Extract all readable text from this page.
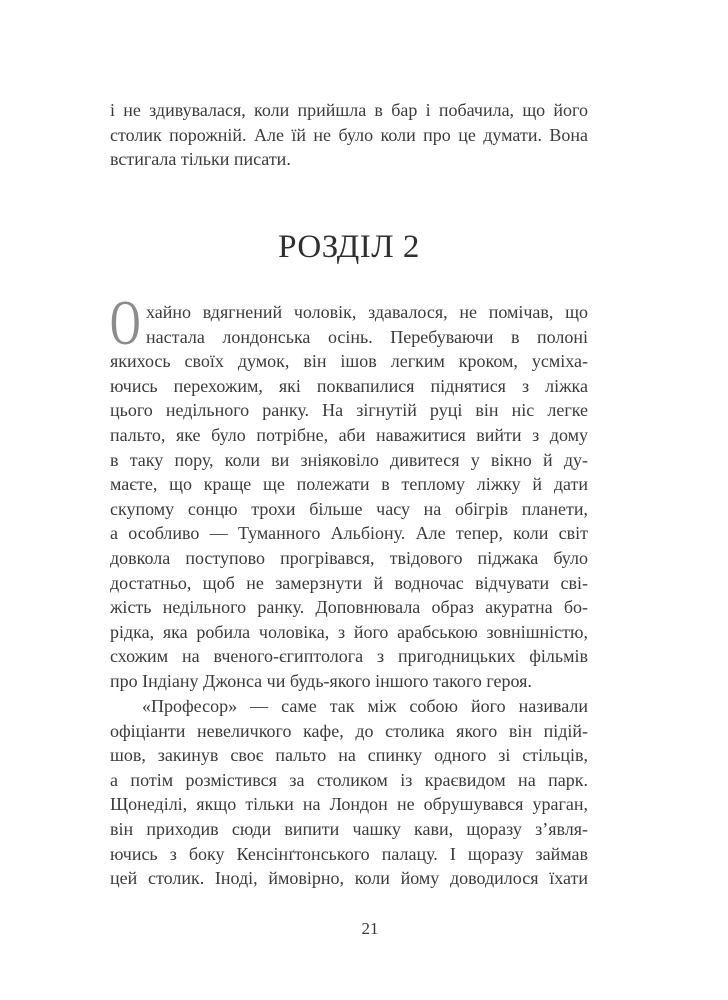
і не здивувалася, коли прийшла в бар і побачила, що його
столик порожній. Але їй не було коли про це думати. Вона
встигала тільки писати.
РОЗДІЛ 2
О хайно вдягнений чоловік, здавалося, не помічав, що
настала лондонська осінь. Перебуваючи в полоні
якихось своїх думок, він ішов легким кроком, усміха-
ючись перехожим, які поквапилися піднятися з ліжка
цього недільного ранку. На зігнутій руці він ніс легке
пальто, яке було потрібне, аби наважитися вийти з дому
в таку пору, коли ви зніяковіло дивитеся у вікно й ду-
маєте, що краще ще полежати в теплому ліжку й дати
скупому сонцю трохи більше часу на обігрів планети,
а особливо — Туманного Альбіону. Але тепер, коли світ
довкола поступово прогрівався, твідового піджака було
достатньо, щоб не замерзнути й водночас відчувати сві-
жість недільного ранку. Доповнювала образ акуратна бо-
рідка, яка робила чоловіка, з його арабською зовнішністю,
схожим на вченого-єгиптолога з пригодницьких фільмів
про Індіану Джонса чи будь-якого іншого такого героя.
«Професор» — саме так між собою його називали
офіціанти невеличкого кафе, до столика якого він підій-
шов, закинув своє пальто на спинку одного зі стільців,
а потім розмістився за столиком із краєвидом на парк.
Щонеділі, якщо тільки на Лондон не обрушувався ураган,
він приходив сюди випити чашку кави, щоразу з’явля-
ючись з боку Кенсінґтонського палацу. І щоразу займав
цей столик. Іноді, ймовірно, коли йому доводилося їхати
21
